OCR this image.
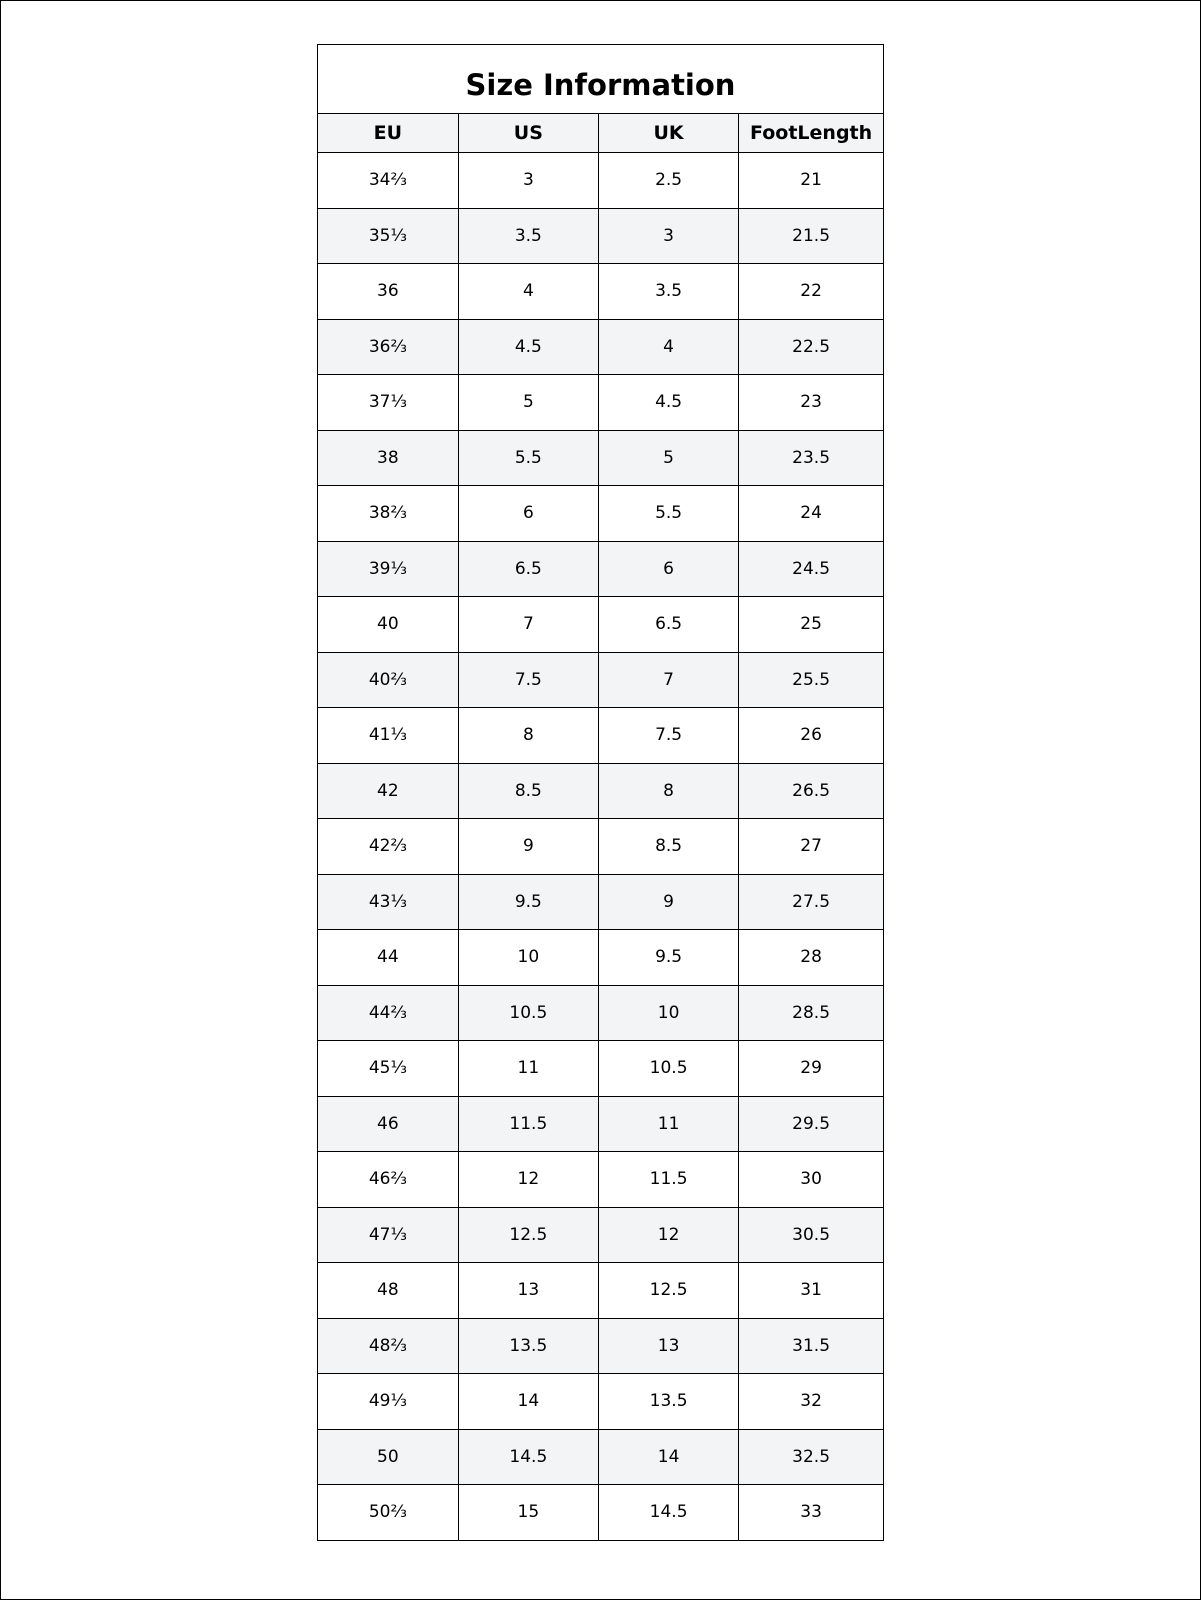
Size Information
EU	US	UK	FootLength
34⅔	3	2.5	21
35⅓	3.5	3	21.5
36	4	3.5	22
36⅔	4.5	4	22.5
37⅓	5	4.5	23
38	5.5	5	23.5
38⅔	6	5.5	24
39⅓	6.5	6	24.5
40	7	6.5	25
40⅔	7.5	7	25.5
41⅓	8	7.5	26
42	8.5	8	26.5
42⅔	9	8.5	27
43⅓	9.5	9	27.5
44	10	9.5	28
44⅔	10.5	10	28.5
45⅓	11	10.5	29
46	11.5	11	29.5
46⅔	12	11.5	30
47⅓	12.5	12	30.5
48	13	12.5	31
48⅔	13.5	13	31.5
49⅓	14	13.5	32
50	14.5	14	32.5
50⅔	15	14.5	33
